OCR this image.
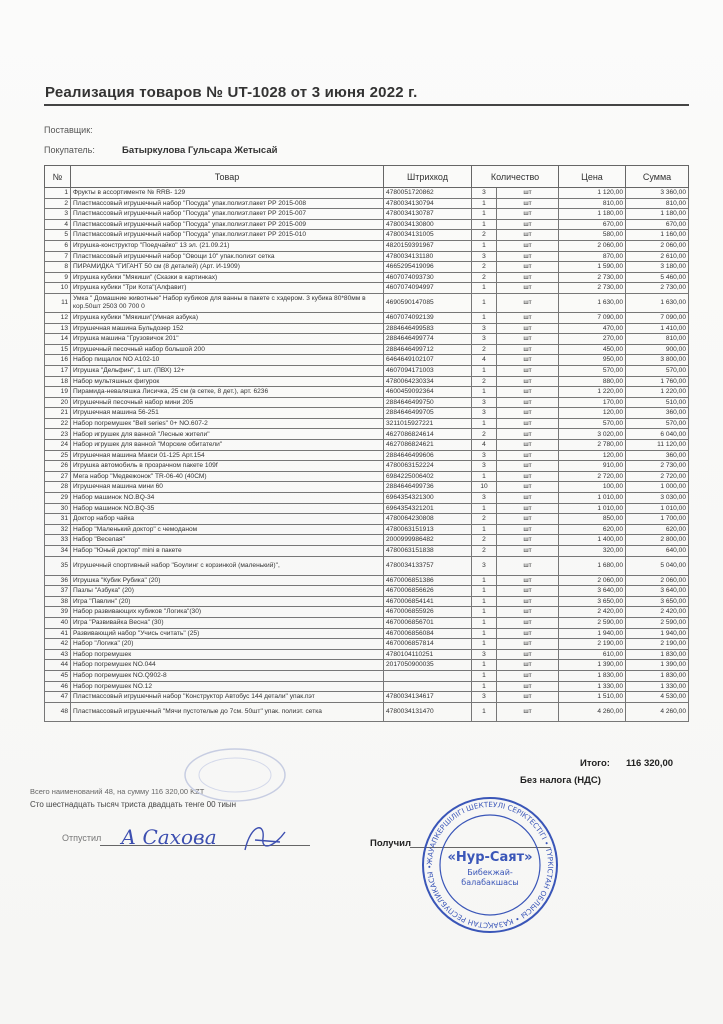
Реализация товаров № UT-1028 от 3 июня 2022 г.
Поставщик:
Покупатель:	Батыркулова Гульсара Жетысай
№	Товар	Штрихкод	Количество		Цена	Сумма
1	Фрукты в ассортименте № RRB- 129	4780051720862	3	шт	1 120,00	3 360,00
2	Пластмассовый игрушечный набор "Посуда" упак.полиэт.пакет PP 2015-008	4780034130794	1	шт	810,00	810,00
3	Пластмассовый игрушечный набор "Посуда" упак.полиэт.пакет PP 2015-007	4780034130787	1	шт	1 180,00	1 180,00
4	Пластмассовый игрушечный набор "Посуда" упак.полиэт.пакет PP 2015-009	4780034130800	1	шт	670,00	670,00
5	Пластмассовый игрушечный набор "Посуда" упак.полиэт.пакет PP 2015-010	4780034131005	2	шт	580,00	1 160,00
6	Игрушка-конструктор "Поедчайко" 13 эл. (21.09.21)	4820159391967	1	шт	2 060,00	2 060,00
7	Пластмассовый игрушечный набор "Овощи 10" упак.полиэт сетка	4780034131180	3	шт	870,00	2 610,00
8	ПИРАМИДКА "ГИГАНТ 50 см (8 деталей) (Арт. И-1909)	4665295419096	2	шт	1 590,00	3 180,00
9	Игрушка кубики "Мякиши" (Сказки в картинках)	4607074093730	2	шт	2 730,00	5 460,00
10	Игрушка кубики "Три Кота"(Алфавит)	4607074094997	1	шт	2 730,00	2 730,00
11	Умка " Домашние животные" Набор кубиков для ванны в пакете с хэдером. 3 кубика 80*80мм в кор.50шт 2503 00 700 0	4690590147085	1	шт	1 630,00	1 630,00
12	Игрушка кубики "Мякиши"(Умная азбука)	4607074092139	1	шт	7 090,00	7 090,00
13	Игрушечная машина Бульдозер 152	2884646499583	3	шт	470,00	1 410,00
14	Игрушка машина "Грузовичок 201"	2884646499774	3	шт	270,00	810,00
15	Игрушечный песочный набор большой 200	2884646499712	2	шт	450,00	900,00
16	Набор пищалок NO A102-10	6464649102107	4	шт	950,00	3 800,00
17	Игрушка "Дельфин", 1 шт. (ПВХ) 12+	4607094171003	1	шт	570,00	570,00
18	Набор мультяшных фигурок	4780064230334	2	шт	880,00	1 760,00
19	Пирамида-неваляшка Лисичка, 25 см (в сетке, 8 дет.), арт. 6236	4600459092364	1	шт	1 220,00	1 220,00
20	Игрушечный песочный набор мини 205	2884646499750	3	шт	170,00	510,00
21	Игрушечная машина 56-251	2884646499705	3	шт	120,00	360,00
22	Набор погремушек "Bell series" 0+ NO.607-2	3211015927221	1	шт	570,00	570,00
23	Набор игрушек для ванной "Лесные жители"	4627086824614	2	шт	3 020,00	6 040,00
24	Набор игрушек для ванной "Морские обитатели"	4627086824621	4	шт	2 780,00	11 120,00
25	Игрушечная машина Макси 01-125 Арт.154	2884646499606	3	шт	120,00	360,00
26	Игрушка автомобиль в прозрачном пакете 109f	4780063152224	3	шт	910,00	2 730,00
27	Мега набор "Медвежонок" TR-06-40 (40СМ)	6984225006402	1	шт	2 720,00	2 720,00
28	Игрушечная машина мини 60	2884646499736	10	шт	100,00	1 000,00
29	Набор машинок NO.BQ-34	6964354321300	3	шт	1 010,00	3 030,00
30	Набор машинок NO.BQ-35	6964354321201	1	шт	1 010,00	1 010,00
31	Доктор набор чайка	4780064230808	2	шт	850,00	1 700,00
32	Набор "Маленький доктор" с чемоданом	4780063151913	1	шт	620,00	620,00
33	Набор "Веселая"	2000999986482	2	шт	1 400,00	2 800,00
34	Набор "Юный доктор" mini в пакете	4780063151838	2	шт	320,00	640,00
35	Игрушечный спортивный набор "Боулинг с корзинкой (маленький)",	4780034133757	3	шт	1 680,00	5 040,00
36	Игрушка "Кубик Рубика" (20)	4670006851386	1	шт	2 060,00	2 060,00
37	Пазлы "Азбука" (20)	4670006856626	1	шт	3 640,00	3 640,00
38	Игра "Павлин" (20)	4670006854141	1	шт	3 650,00	3 650,00
39	Набор развивающих кубиков "Логика"(30)	4670006855926	1	шт	2 420,00	2 420,00
40	Игра "Развивайка Весна" (30)	4670006856701	1	шт	2 590,00	2 590,00
41	Развивающий набор "Учись считать" (25)	4670006856084	1	шт	1 940,00	1 940,00
42	Набор "Логика" (20)	4670006857814	1	шт	2 190,00	2 190,00
43	Набор погремушек	4780104110251	3	шт	610,00	1 830,00
44	Набор погремушек NO.044	2017050900035	1	шт	1 390,00	1 390,00
45	Набор погремушек NO.Q902-8		1	шт	1 830,00	1 830,00
46	Набор погремушек NO.12		1	шт	1 330,00	1 330,00
47	Пластмассовый игрушечный набор "Конструктор Автобус 144 детали" упак.пэт	4780034134617	3	шт	1 510,00	4 530,00
48	Пластмассовый игрушечный "Мячи пустотелые до 7см. 50шт" упак. полиэт. сетка	4780034131470	1	шт	4 260,00	4 260,00
Итого: 116 320,00
Без налога (НДС)
Всего наименований 48, на сумму 116 320,00 KZT
Сто шестнадцать тысяч триста двадцать тенге 00 тиын
Отпустил	Получил
А Сахова
ЖАУАПКЕРШІЛІГІ ШЕКТЕУЛІ СЕРІКТЕСТІГІ • ТҮРКІСТАН ОБЛЫСЫ • ҚАЗАҚСТАН РЕСПУБЛИКАСЫ •
«Нур-Саят»
Бибекжай-
балабакшасы
